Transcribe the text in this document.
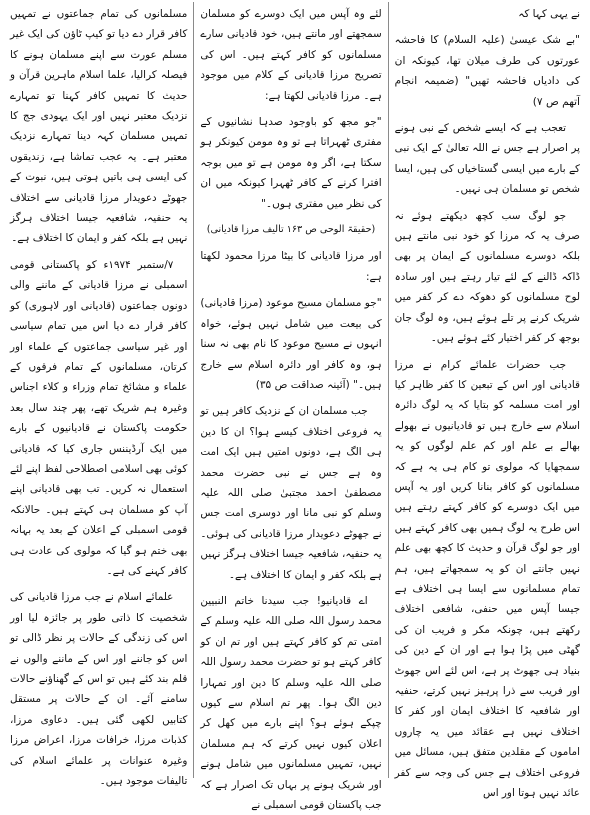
نے یہی کہا کہ

"بے شک عیسیٰ (علیہ السلام) کا فاحشہ عورتوں کی طرف میلان تھا، کیونکہ ان کی دادیاں فاحشہ تھیں" (ضمیمہ انجام آتھم ص ۷)

تعجب ہے کہ ایسے شخص کے نبی ہونے پر اصرار ہے جس نے اللہ تعالیٰ کے ایک نبی کے بارے میں ایسی گستاخیاں کی ہیں، ایسا شخص تو مسلمان ہی نہیں۔

جو لوگ سب کچھ دیکھتے ہوئے نہ صرف یہ کہ مرزا کو خود نبی مانتے ہیں بلکہ دوسرے مسلمانوں کے ایمان پر بھی ڈاکہ ڈالنے کے لئے تیار رہتے ہیں اور سادہ لوح مسلمانوں کو دھوکہ دے کر کفر میں شریک کرنے پر تلے ہوئے ہیں، وہ لوگ جان بوجھ کر کفر اختیار کئے ہوئے ہیں۔

جب حضرات علمائے کرام نے مرزا قادیانی اور اس کے تبعین کا کفر ظاہر کیا اور امت مسلمہ کو بتایا کہ یہ لوگ دائرہ اسلام سے خارج ہیں تو قادیانیوں نے بھولے بھالے بے علم اور کم علم لوگوں کو یہ سمجھایا کہ مولوی تو کام ہی یہ ہے کہ مسلمانوں کو کافر بنانا کریں اور یہ آپس میں ایک دوسرے کو کافر کہتے رہتے ہیں اس طرح یہ لوگ ہمیں بھی کافر کہتے ہیں اور جو لوگ قرآن و حدیث کا کچھ بھی علم نہیں جانتے ان کو یہ سمجھاتے ہیں، ہم تمام مسلمانوں سے ایسا ہی اختلاف ہے جیسا آپس میں حنفی، شافعی اختلاف رکھتے ہیں، چونکہ مکر و فریب ان کی گھٹی میں پڑا ہوا ہے اور ان کے دین کی بنیاد ہی جھوٹ پر ہے، اس لئے اس جھوٹ اور فریب سے ذرا پرہیز نہیں کرتے، حنفیہ اور شافعیہ کا اختلاف ایمان اور کفر کا اختلاف نہیں ہے عقائد میں یہ چاروں اماموں کے مقلدین متفق ہیں، مسائل میں فروعی اختلاف ہے جس کی وجہ سے کفر عائد نہیں ہوتا اور اس

لئے وہ آپس میں ایک دوسرے کو مسلمان سمجھتے اور مانتے ہیں، خود قادیانی سارے مسلمانوں کو کافر کہتے ہیں۔ اس کی تصریح مرزا قادیانی کے کلام میں موجود ہے۔ مرزا قادیانی لکھتا ہے:

"جو مجھ کو باوجود صدہا نشانیوں کے مفتری ٹھہراتا ہے تو وہ مومن کیونکر ہو سکتا ہے، اگر وہ مومن ہے تو میں بوجہ افترا کرنے کے کافر ٹھہرا کیونکہ میں ان کی نظر میں مفتری ہوں۔"

(حقیقۃ الوحی ص ۱۶۳ تالیف مرزا قادیانی)

اور مرزا قادیانی کا بیٹا مرزا محمود لکھتا ہے:

"جو مسلمان مسیح موعود (مرزا قادیانی) کی بیعت میں شامل نہیں ہوئے، خواہ انہوں نے مسیح موعود کا نام بھی نہ سنا ہو، وہ کافر اور دائرہ اسلام سے خارج ہیں۔" (آئینہ صداقت ص ۳۵)

جب مسلمان ان کے نزدیک کافر ہیں تو یہ فروعی اختلاف کیسے ہوا؟ ان کا دین ہی الگ ہے، دونوں امتیں ہیں ایک امت وہ ہے جس نے نبی حضرت محمد مصطفیٰ احمد مجتبیٰ صلی اللہ علیہ وسلم کو نبی مانا اور دوسری امت جس نے جھوٹے دعویدار مرزا قادیانی کی ہوئی۔ یہ حنفیہ، شافعیہ جیسا اختلاف ہرگز نہیں ہے بلکہ کفر و ایمان کا اختلاف ہے۔

اے قادیانیو! جب سیدنا خاتم النبیین محمد رسول اللہ صلی اللہ علیہ وسلم کے امتی تم کو کافر کہتے ہیں اور تم ان کو کافر کہتے ہو تو حضرت محمد رسول اللہ صلی اللہ علیہ وسلم کا دین اور تمہارا دین الگ ہوا۔ پھر تم اسلام سے کیوں چپکے ہوئے ہو؟ اپنے بارے میں کھل کر اعلان کیوں نہیں کرتے کہ ہم مسلمان نہیں، تمہیں مسلمانوں میں شامل ہونے اور شریک ہونے پر بہاں تک اصرار ہے کہ جب پاکستان قومی اسمبلی نے

مسلمانوں کی تمام جماعتوں نے تمہیں کافر قرار دے دیا تو کیپ ٹاؤن کی ایک غیر مسلم عورت سے اپنے مسلمان ہونے کا فیصلہ کرالیا، علما اسلام ماہرین قرآن و حدیث کا تمہیں کافر کہنا تو تمہارے نزدیک معتبر نہیں اور ایک یہودی جج کا تمہیں مسلمان کہہ دینا تمہارے نزدیک معتبر ہے۔ یہ عجب تماشا ہے، زندیقوں کی ایسی ہی باتیں ہوتی ہیں، نبوت کے جھوٹے دعویدار مرزا قادیانی سے اختلاف یہ حنفیہ، شافعیہ جیسا اختلاف ہرگز نہیں ہے بلکہ کفر و ایمان کا اختلاف ہے۔

۷/ستمبر ۱۹۷۴ء کو پاکستانی قومی اسمبلی نے مرزا قادیانی کے ماننے والی دونوں جماعتوں (قادیانی اور لاہوری) کو کافر قرار دے دیا اس میں تمام سیاسی اور غیر سیاسی جماعتوں کے علماء اور کرتان، مسلمانوں کے تمام فرقوں کے علماء و مشائخ تمام وزراء و کلاء اجناس وغیرہ ہم شریک تھے، پھر چند سال بعد حکومت پاکستان نے قادیانیوں کے بارے میں ایک آرڈیننس جاری کیا کہ قادیانی کوئی بھی اسلامی اصطلاحی لفظ اپنے لئے استعمال نہ کریں۔ تب بھی قادیانی اپنے آپ کو مسلمان ہی کہتے ہیں۔ حالانکہ قومی اسمبلی کے اعلان کے بعد یہ بہانہ بھی ختم ہو گیا کہ مولوی کی عادت ہی کافر کہنے کی ہے۔

علمائے اسلام نے جب مرزا قادیانی کی شخصیت کا ذاتی طور پر جائزہ لیا اور اس کی زندگی کے حالات پر نظر ڈالی تو اس کو جاننے اور اس کے ماننے والوں نے قلم بند کئے ہیں تو اس کے گھناؤنے حالات سامنے آئے۔ ان کے حالات پر مستقل کتابیں لکھی گئی ہیں۔ دعاوی مرزا، کذبات مرزا، خرافات مرزا، اعراض مرزا وغیرہ عنوانات پر علمائے اسلام کی تالیفات موجود ہیں۔
